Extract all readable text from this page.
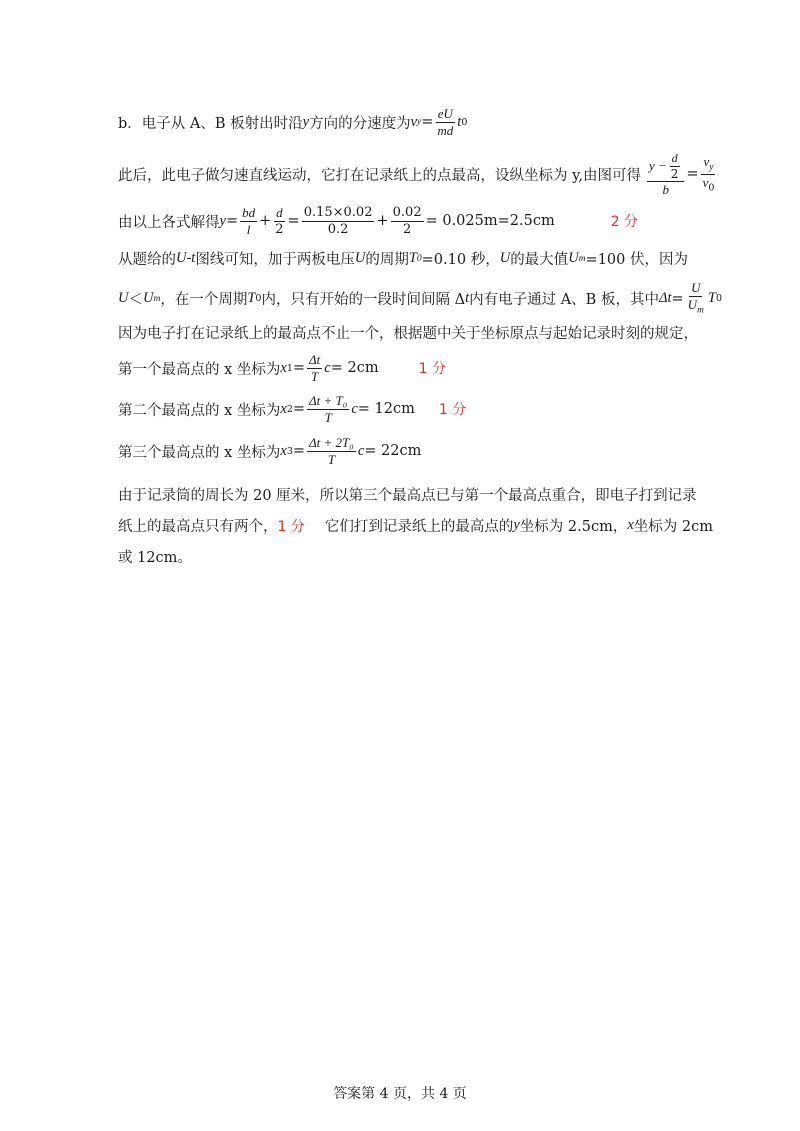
b．电子从 A、B 板射出时沿 y 方向的分速度为 v $y = \frac{eU}{md}$ t 0
此后，此电子做匀速直线运动，它打在记录纸上的点最高，设纵坐标为 y,由图可得 $\frac{y - \frac{d}{2}}{b} = \frac{v_y}{v_0}$
由以上各式解得 $y = \frac{bd}{l} + \frac{d}{2} = \frac{0.15\times 0.02}{0.2} + \frac{0.02}{2} = 0.025m=2.5cm$	2 分
从题给的 U-t 图线可知，加于两板电压 U 的周期 T 0 =0.10 秒， U 的最大值 U m =100 伏，因为
U ＜ U m ，在一个周期 T 0 内，只有开始的一段时间间隔 Δ t 内有电子通过 A、B 板，其中 $\Delta t = \frac{U}{U_m}$ T 0
因为电子打在记录纸上的最高点不止一个，根据题中关于坐标原点与起始记录时刻的规定，
第一个最高点的 x 坐标为 x $1 = \frac{\Delta t}{T}$ c = 2cm	1 分
第二个最高点的 x 坐标为 x $2 = \frac{\text{Δt + T₀}}{T}$ c = 12cm 1 分
第三个最高点的 x 坐标为 x $3 = \frac{\text{Δt + 2T₀}}{T}$ c = 22cm
由于记录筒的周长为 20 厘米，所以第三个最高点已与第一个最高点重合，即电子打到记录
纸上的最高点只有两个， 1 分 它们打到记录纸上的最高点的 y 坐标为 2.5cm， x 坐标为 2cm
或 12cm。
答案第 4 页，共 4 页
